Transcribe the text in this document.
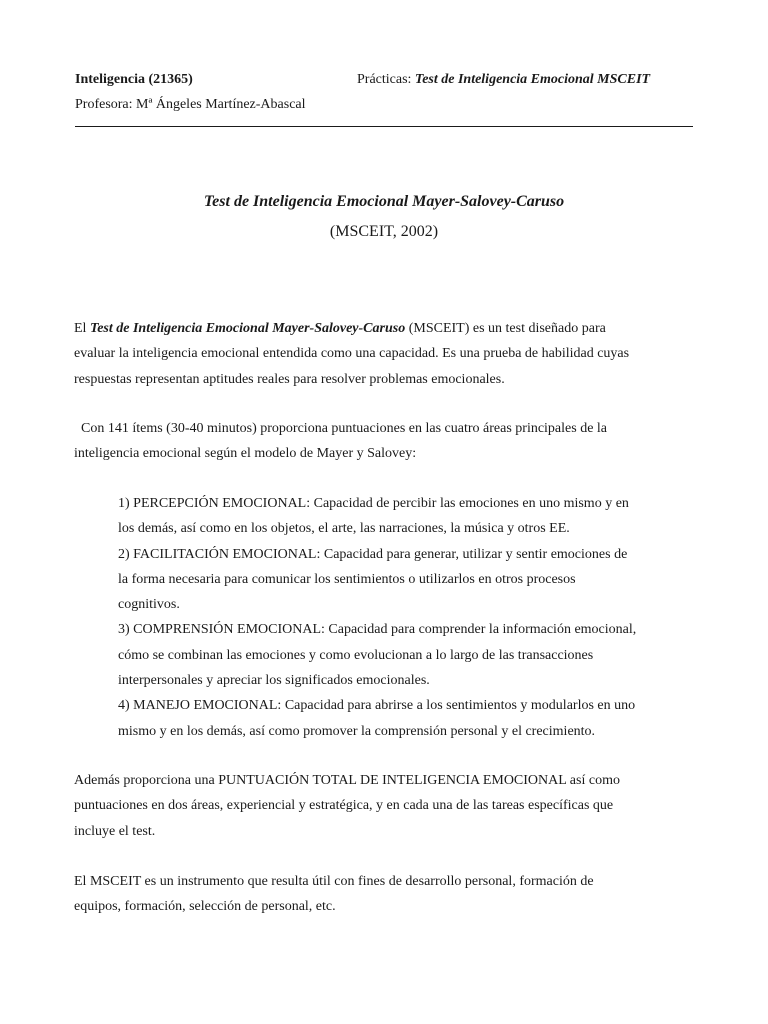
Inteligencia (21365)	Prácticas: Test de Inteligencia Emocional MSCEIT
Profesora: Mª Ángeles Martínez-Abascal
Test de Inteligencia Emocional Mayer-Salovey-Caruso
(MSCEIT, 2002)
El Test de Inteligencia Emocional Mayer-Salovey-Caruso (MSCEIT) es un test diseñado para
evaluar la inteligencia emocional entendida como una capacidad. Es una prueba de habilidad cuyas
respuestas representan aptitudes reales para resolver problemas emocionales.
Con 141 ítems (30-40 minutos) proporciona puntuaciones en las cuatro áreas principales de la
inteligencia emocional según el modelo de Mayer y Salovey:
1) PERCEPCIÓN EMOCIONAL: Capacidad de percibir las emociones en uno mismo y en
los demás, así como en los objetos, el arte, las narraciones, la música y otros EE.
2) FACILITACIÓN EMOCIONAL: Capacidad para generar, utilizar y sentir emociones de
la forma necesaria para comunicar los sentimientos o utilizarlos en otros procesos
cognitivos.
3) COMPRENSIÓN EMOCIONAL: Capacidad para comprender la información emocional,
cómo se combinan las emociones y como evolucionan a lo largo de las transacciones
interpersonales y apreciar los significados emocionales.
4) MANEJO EMOCIONAL: Capacidad para abrirse a los sentimientos y modularlos en uno
mismo y en los demás, así como promover la comprensión personal y el crecimiento.
Además proporciona una PUNTUACIÓN TOTAL DE INTELIGENCIA EMOCIONAL así como
puntuaciones en dos áreas, experiencial y estratégica, y en cada una de las tareas específicas que
incluye el test.
El MSCEIT es un instrumento que resulta útil con fines de desarrollo personal, formación de
equipos, formación, selección de personal, etc.
